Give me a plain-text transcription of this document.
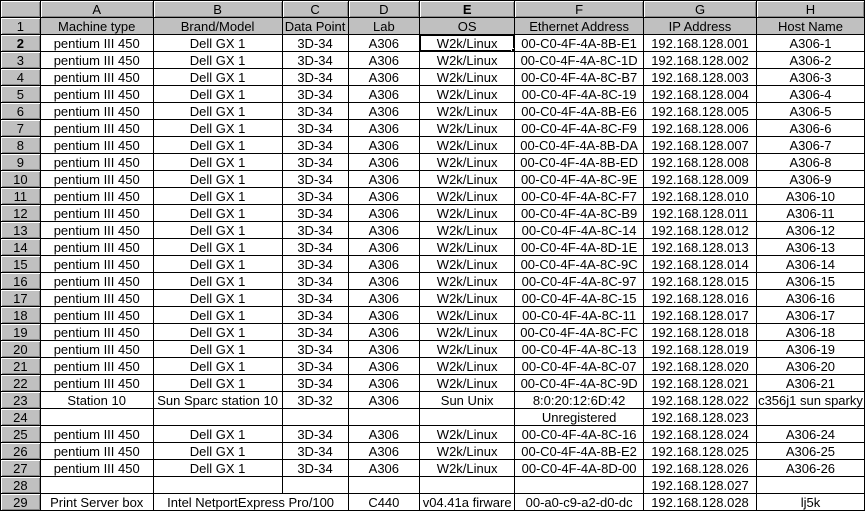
	A	B	C	D	E	F	G	H
1	Machine type	Brand/Model	Data Point	Lab	OS	Ethernet Address	IP Address	Host Name
2	pentium III 450	Dell GX 1	3D-34	A306	W2k/Linux	00-C0-4F-4A-8B-E1	192.168.128.001	A306-1
3	pentium III 450	Dell GX 1	3D-34	A306	W2k/Linux	00-C0-4F-4A-8C-1D	192.168.128.002	A306-2
4	pentium III 450	Dell GX 1	3D-34	A306	W2k/Linux	00-C0-4F-4A-8C-B7	192.168.128.003	A306-3
5	pentium III 450	Dell GX 1	3D-34	A306	W2k/Linux	00-C0-4F-4A-8C-19	192.168.128.004	A306-4
6	pentium III 450	Dell GX 1	3D-34	A306	W2k/Linux	00-C0-4F-4A-8B-E6	192.168.128.005	A306-5
7	pentium III 450	Dell GX 1	3D-34	A306	W2k/Linux	00-C0-4F-4A-8C-F9	192.168.128.006	A306-6
8	pentium III 450	Dell GX 1	3D-34	A306	W2k/Linux	00-C0-4F-4A-8B-DA	192.168.128.007	A306-7
9	pentium III 450	Dell GX 1	3D-34	A306	W2k/Linux	00-C0-4F-4A-8B-ED	192.168.128.008	A306-8
10	pentium III 450	Dell GX 1	3D-34	A306	W2k/Linux	00-C0-4F-4A-8C-9E	192.168.128.009	A306-9
11	pentium III 450	Dell GX 1	3D-34	A306	W2k/Linux	00-C0-4F-4A-8C-F7	192.168.128.010	A306-10
12	pentium III 450	Dell GX 1	3D-34	A306	W2k/Linux	00-C0-4F-4A-8C-B9	192.168.128.011	A306-11
13	pentium III 450	Dell GX 1	3D-34	A306	W2k/Linux	00-C0-4F-4A-8C-14	192.168.128.012	A306-12
14	pentium III 450	Dell GX 1	3D-34	A306	W2k/Linux	00-C0-4F-4A-8D-1E	192.168.128.013	A306-13
15	pentium III 450	Dell GX 1	3D-34	A306	W2k/Linux	00-C0-4F-4A-8C-9C	192.168.128.014	A306-14
16	pentium III 450	Dell GX 1	3D-34	A306	W2k/Linux	00-C0-4F-4A-8C-97	192.168.128.015	A306-15
17	pentium III 450	Dell GX 1	3D-34	A306	W2k/Linux	00-C0-4F-4A-8C-15	192.168.128.016	A306-16
18	pentium III 450	Dell GX 1	3D-34	A306	W2k/Linux	00-C0-4F-4A-8C-11	192.168.128.017	A306-17
19	pentium III 450	Dell GX 1	3D-34	A306	W2k/Linux	00-C0-4F-4A-8C-FC	192.168.128.018	A306-18
20	pentium III 450	Dell GX 1	3D-34	A306	W2k/Linux	00-C0-4F-4A-8C-13	192.168.128.019	A306-19
21	pentium III 450	Dell GX 1	3D-34	A306	W2k/Linux	00-C0-4F-4A-8C-07	192.168.128.020	A306-20
22	pentium III 450	Dell GX 1	3D-34	A306	W2k/Linux	00-C0-4F-4A-8C-9D	192.168.128.021	A306-21
23	Station 10	Sun Sparc station 10	3D-32	A306	Sun Unix	8:0:20:12:6D:42	192.168.128.022	c356j1 sun sparky
24						Unregistered	192.168.128.023	
25	pentium III 450	Dell GX 1	3D-34	A306	W2k/Linux	00-C0-4F-4A-8C-16	192.168.128.024	A306-24
26	pentium III 450	Dell GX 1	3D-34	A306	W2k/Linux	00-C0-4F-4A-8B-E2	192.168.128.025	A306-25
27	pentium III 450	Dell GX 1	3D-34	A306	W2k/Linux	00-C0-4F-4A-8D-00	192.168.128.026	A306-26
28							192.168.128.027	
29	Print Server box	Intel NetportExpress Pro/100		C440	v04.41a firware	00-a0-c9-a2-d0-dc	192.168.128.028	lj5k
